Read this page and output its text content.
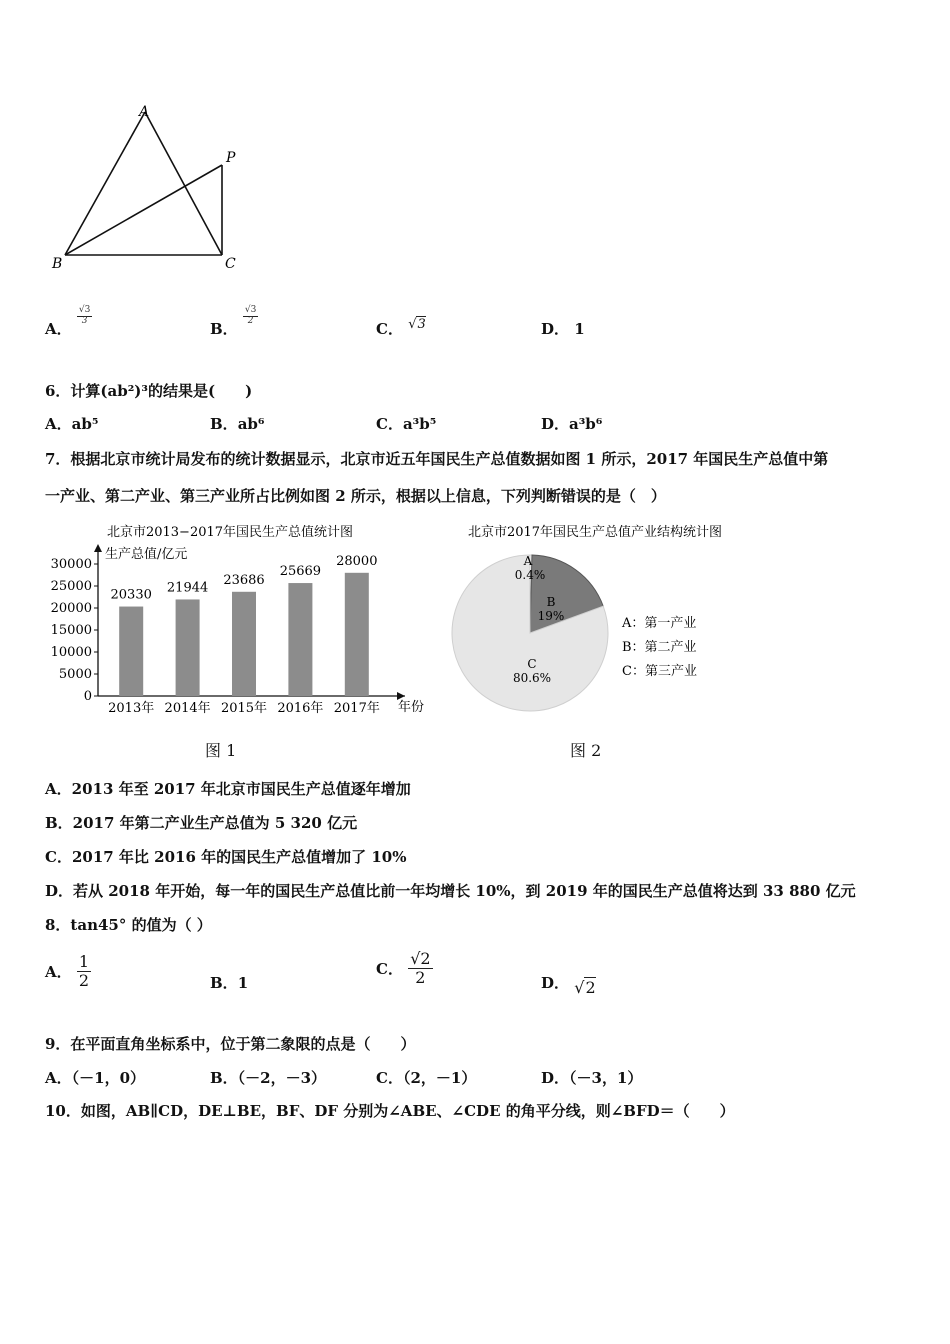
A
P
B	C
A．
$\frac{√3}{3}$
B．
$\frac{√3}{2}$
C． √3	D． 1
6．计算(ab²)³的结果是(　　)
A．ab⁵	B．ab⁶	C．a³b⁵	D．a³b⁶
7．根据北京市统计局发布的统计数据显示，北京市近五年国民生产总值数据如图 1 所示，2017 年国民生产总值中第
一产业、第二产业、第三产业所占比例如图 2 所示，根据以上信息，下列判断错误的是（　）
北京市2013−2017年国民生产总值统计图
生产总值/亿元
30000
25000
20000
15000
10000
5000
0
20330
2013年
21944
2014年
23686
2015年
25669
2016年
28000
2017年 年份
图 1
北京市2017年国民生产总值产业结构统计图
A
0.4%
B
19%
C
80.6%
A：第一产业
B：第二产业
C：第三产业
图 2
A．2013 年至 2017 年北京市国民生产总值逐年增加
B．2017 年第二产业生产总值为 5 320 亿元
C．2017 年比 2016 年的国民生产总值增加了 10%
D．若从 2018 年开始，每一年的国民生产总值比前一年均增长 10%，到 2019 年的国民生产总值将达到 33 880 亿元
8．tan45° 的值为（ ）
A． $\frac{1}{2}$	B．1
C． $\frac{√2}{2}$	D． √2
9．在平面直角坐标系中，位于第二象限的点是（　　）
A．（－1，0）	B．（－2，－3）	C．（2，－1）	D．（－3，1）
10．如图，AB∥CD，DE⊥BE，BF、DF 分别为∠ABE、∠CDE 的角平分线，则∠BFD＝（　　）
